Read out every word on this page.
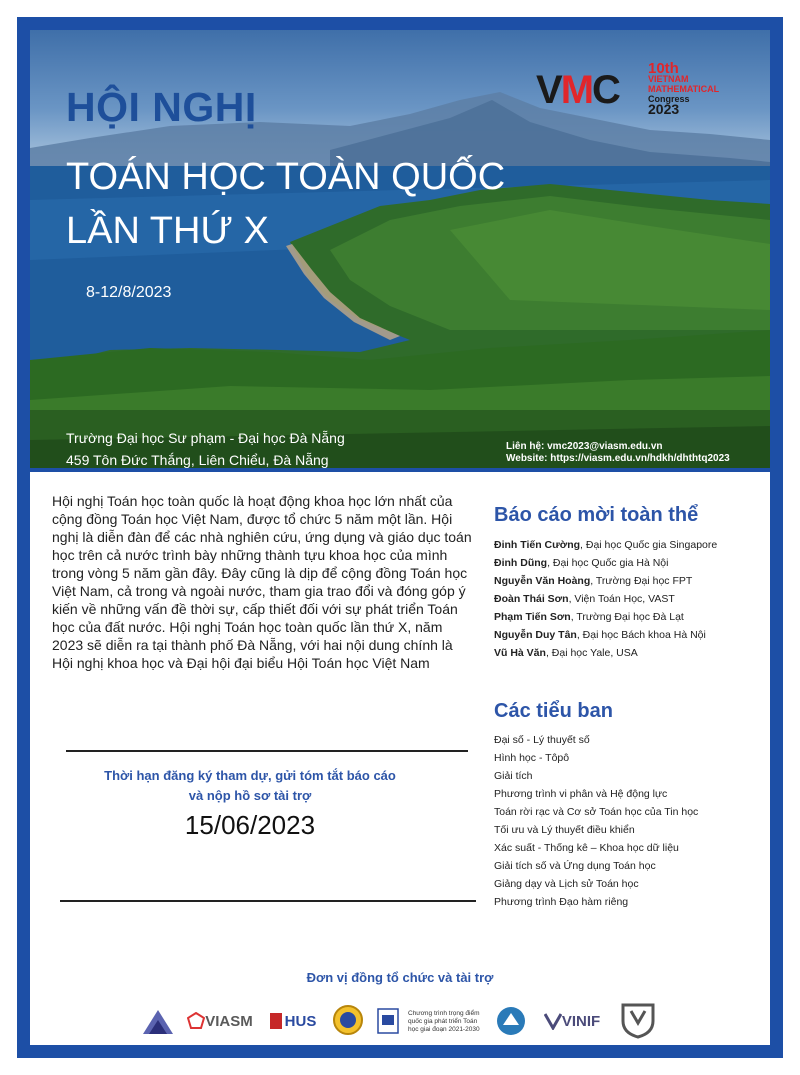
HỘI NGHỊ
TOÁN HỌC TOÀN QUỐC
LẦN THỨ X
8-12/8/2023
Trường Đại học Sư phạm - Đại học Đà Nẵng
459 Tôn Đức Thắng, Liên Chiểu, Đà Nẵng
Liên hệ: vmc2023@viasm.edu.vn
Website: https://viasm.edu.vn/hdkh/dhthtq2023
VMC 10th
VIETNAM
MATHEMATICAL
Congress
2023
Hội nghị Toán học toàn quốc là hoạt động khoa học lớn nhất của cộng đồng Toán học Việt Nam, được tổ chức 5 năm một lần. Hội nghị là diễn đàn để các nhà nghiên cứu, ứng dụng và giáo dục toán học trên cả nước trình bày những thành tựu khoa học của mình trong vòng 5 năm gần đây. Đây cũng là dịp để cộng đồng Toán học Việt Nam, cả trong và ngoài nước, tham gia trao đổi và đóng góp ý kiến về những vấn đề thời sự, cấp thiết đối với sự phát triển Toán học của đất nước. Hội nghị Toán học toàn quốc lần thứ X, năm 2023 sẽ diễn ra tại thành phố Đà Nẵng, với hai nội dung chính là Hội nghị khoa học và Đại hội đại biểu Hội Toán học Việt Nam
Thời hạn đăng ký tham dự, gửi tóm tắt báo cáo
và nộp hồ sơ tài trợ
15/06/2023
Báo cáo mời toàn thể
Đinh Tiến Cường, Đại học Quốc gia Singapore
Đinh Dũng, Đại học Quốc gia Hà Nội
Nguyễn Văn Hoàng, Trường Đại học FPT
Đoàn Thái Sơn, Viện Toán Học, VAST
Phạm Tiến Sơn, Trường Đại học Đà Lạt
Nguyễn Duy Tân, Đại học Bách khoa Hà Nội
Vũ Hà Văn, Đại học Yale, USA
Các tiểu ban
Đại số - Lý thuyết số
Hình học - Tôpô
Giải tích
Phương trình vi phân và Hệ động lực
Toán rời rạc và Cơ sở Toán học của Tin học
Tối ưu và Lý thuyết điều khiển
Xác suất - Thống kê – Khoa học dữ liệu
Giải tích số và Ứng dụng Toán học
Giảng dạy và Lịch sử Toán học
Phương trình Đạo hàm riêng
Đơn vị đồng tổ chức và tài trợ
VIASM HUS	Chương trình trọng điểm quốc gia phát triển Toán học giai đoạn 2021-2030	VINIF
